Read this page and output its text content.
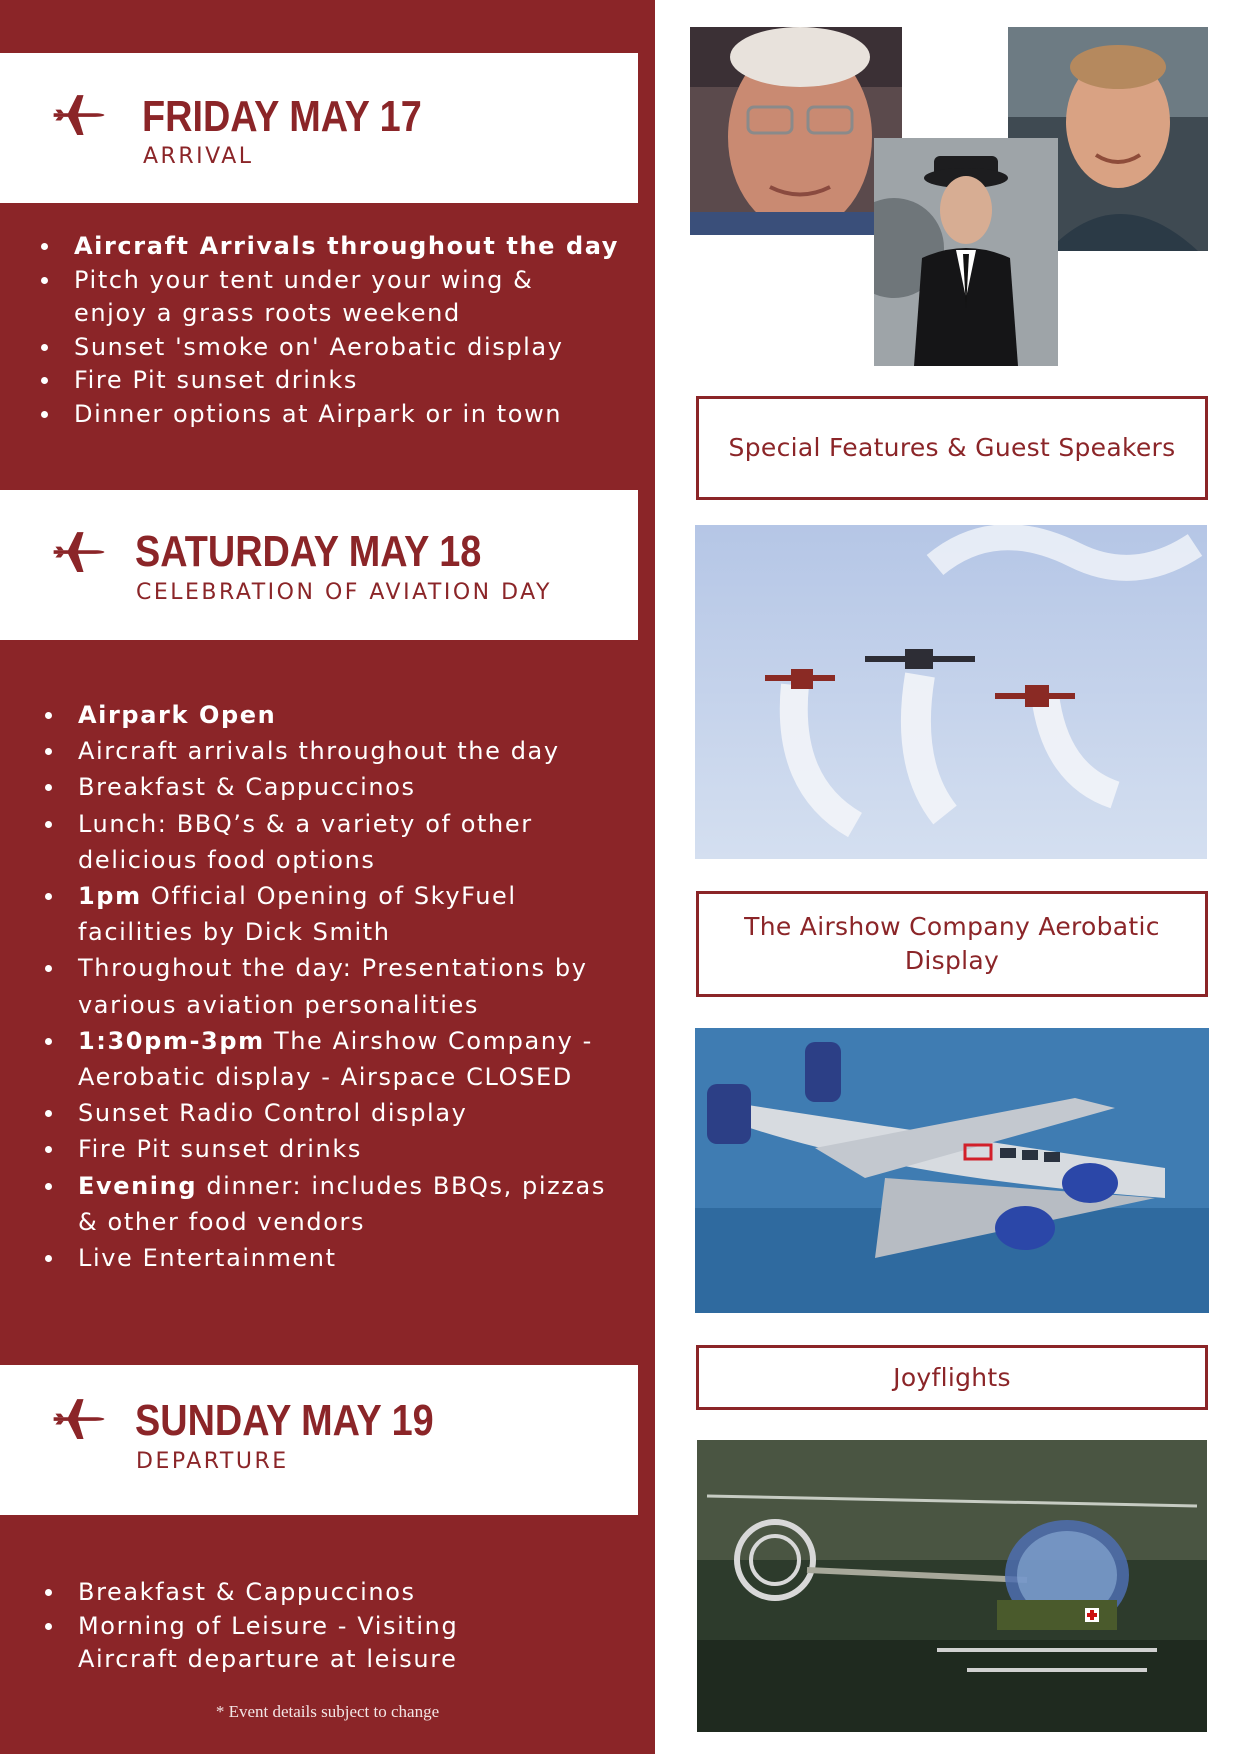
FRIDAY MAY 17
ARRIVAL
Aircraft Arrivals throughout the day
Pitch your tent under your wing &
enjoy a grass roots weekend
Sunset 'smoke on' Aerobatic display
Fire Pit sunset drinks
Dinner options at Airpark or in town
SATURDAY MAY 18
CELEBRATION OF AVIATION DAY
Airpark Open
Aircraft arrivals throughout the day
Breakfast & Cappuccinos
Lunch: BBQ’s & a variety of other
delicious food options
1pm Official Opening of SkyFuel
facilities by Dick Smith
Throughout the day: Presentations by
various aviation personalities
1:30pm-3pm The Airshow Company -
Aerobatic display - Airspace CLOSED
Sunset Radio Control display
Fire Pit sunset drinks
Evening dinner: includes BBQs, pizzas
& other food vendors
Live Entertainment
SUNDAY MAY 19
DEPARTURE
Breakfast & Cappuccinos
Morning of Leisure - Visiting
Aircraft departure at leisure
* Event details subject to change
Special Features & Guest Speakers
The Airshow Company Aerobatic Display
Joyflights
